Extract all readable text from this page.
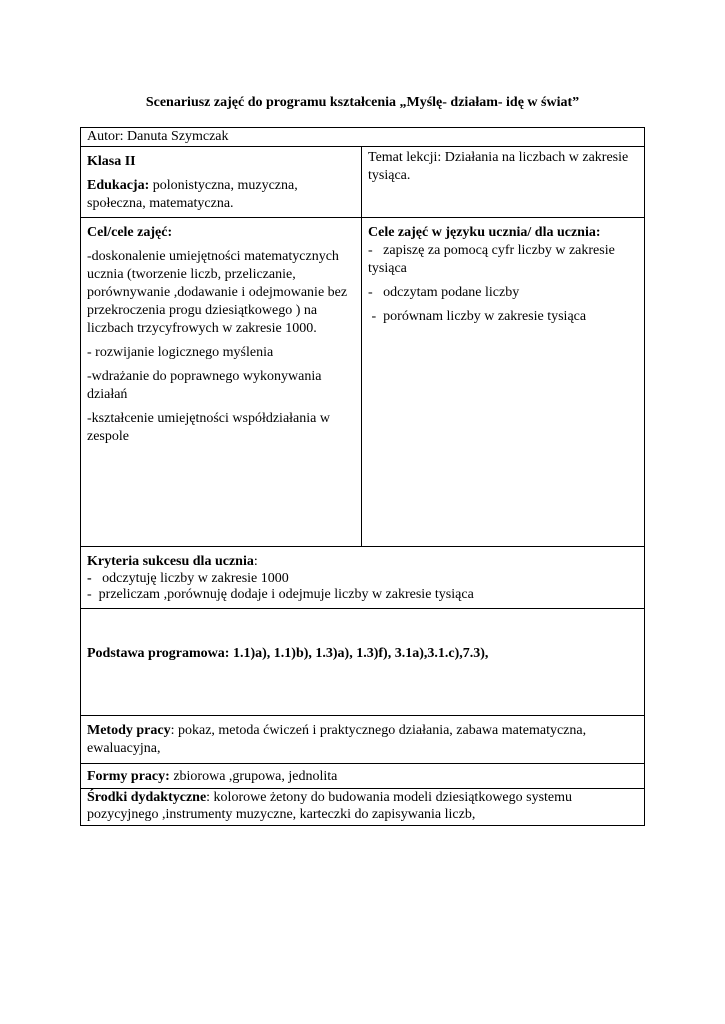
Scenariusz zajęć do programu kształcenia „Myślę- działam- idę w świat”
Autor: Danuta Szymczak

Klasa II

Edukacja: polonistyczna, muzyczna, społeczna, matematyczna.

Temat lekcji: Działania na liczbach w zakresie tysiąca.

Cel/cele zajęć:

-doskonalenie umiejętności matematycznych ucznia (tworzenie liczb, przeliczanie, porównywanie ,dodawanie i odejmowanie bez przekroczenia progu dziesiątkowego ) na liczbach trzycyfrowych w zakresie 1000.

- rozwijanie logicznego myślenia

-wdrażanie do poprawnego wykonywania działań

-kształcenie umiejętności współdziałania w zespole

Cele zajęć w języku ucznia/ dla ucznia:

-   zapiszę za pomocą cyfr liczby w zakresie tysiąca

-   odczytam podane liczby

-  porównam liczby w zakresie tysiąca

Kryteria sukcesu dla ucznia:

-   odczytuję liczby w zakresie 1000

-  przeliczam ,porównuję dodaje i odejmuje liczby w zakresie tysiąca

Podstawa programowa: 1.1)a), 1.1)b), 1.3)a), 1.3)f), 3.1a),3.1.c),7.3),

Metody pracy: pokaz, metoda ćwiczeń i praktycznego działania, zabawa matematyczna, ewaluacyjna,

Formy pracy: zbiorowa ,grupowa, jednolita

Środki dydaktyczne: kolorowe żetony do budowania modeli dziesiątkowego systemu pozycyjnego ,instrumenty muzyczne, karteczki do zapisywania liczb,
